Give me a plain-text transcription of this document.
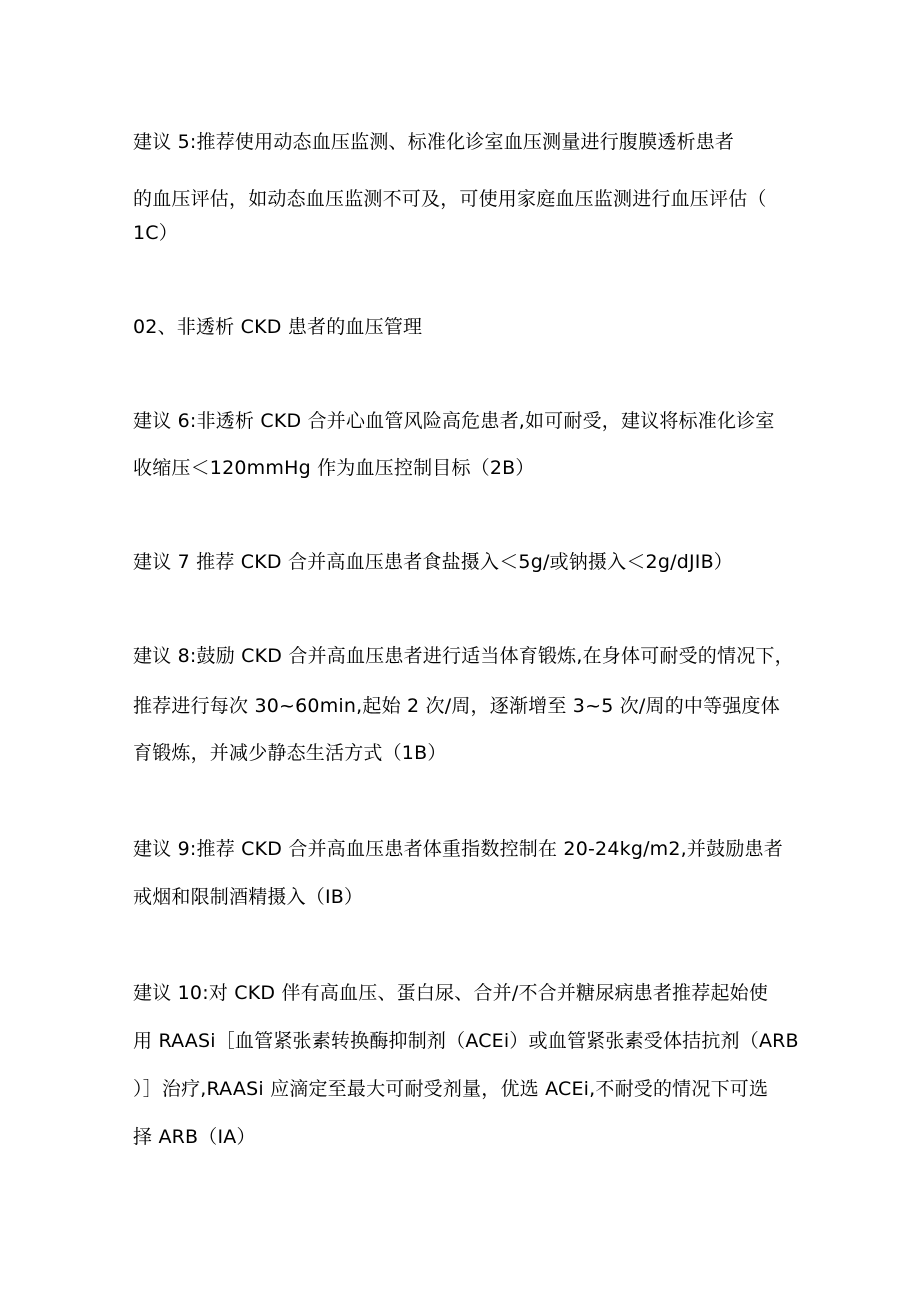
建议 5:推荐使用动态血压监测、标准化诊室血压测量进行腹膜透析患者
的血压评估，如动态血压监测不可及，可使用家庭血压监测进行血压评估（
1C）
02、非透析 CKD 患者的血压管理
建议 6:非透析 CKD 合并心血管风险高危患者,如可耐受，建议将标准化诊室
收缩压＜120mmHg 作为血压控制目标（2B）
建议 7 推荐 CKD 合并高血压患者食盐摄入＜5g/或钠摄入＜2g/dJIB）
建议 8:鼓励 CKD 合并高血压患者进行适当体育锻炼,在身体可耐受的情况下，
推荐进行每次 30~60min,起始 2 次/周，逐渐增至 3~5 次/周的中等强度体
育锻炼，并减少静态生活方式（1B）
建议 9:推荐 CKD 合并高血压患者体重指数控制在 20-24kg∕m2,并鼓励患者
戒烟和限制酒精摄入（IB）
建议 10:对 CKD 伴有高血压、蛋白尿、合并/不合并糖尿病患者推荐起始使
用 RAASi［血管紧张素转换酶抑制剂（ACEi）或血管紧张素受体拮抗剂（ARB
）］治疗,RAASi 应滴定至最大可耐受剂量，优选 ACEi,不耐受的情况下可选
择 ARB（IA）
